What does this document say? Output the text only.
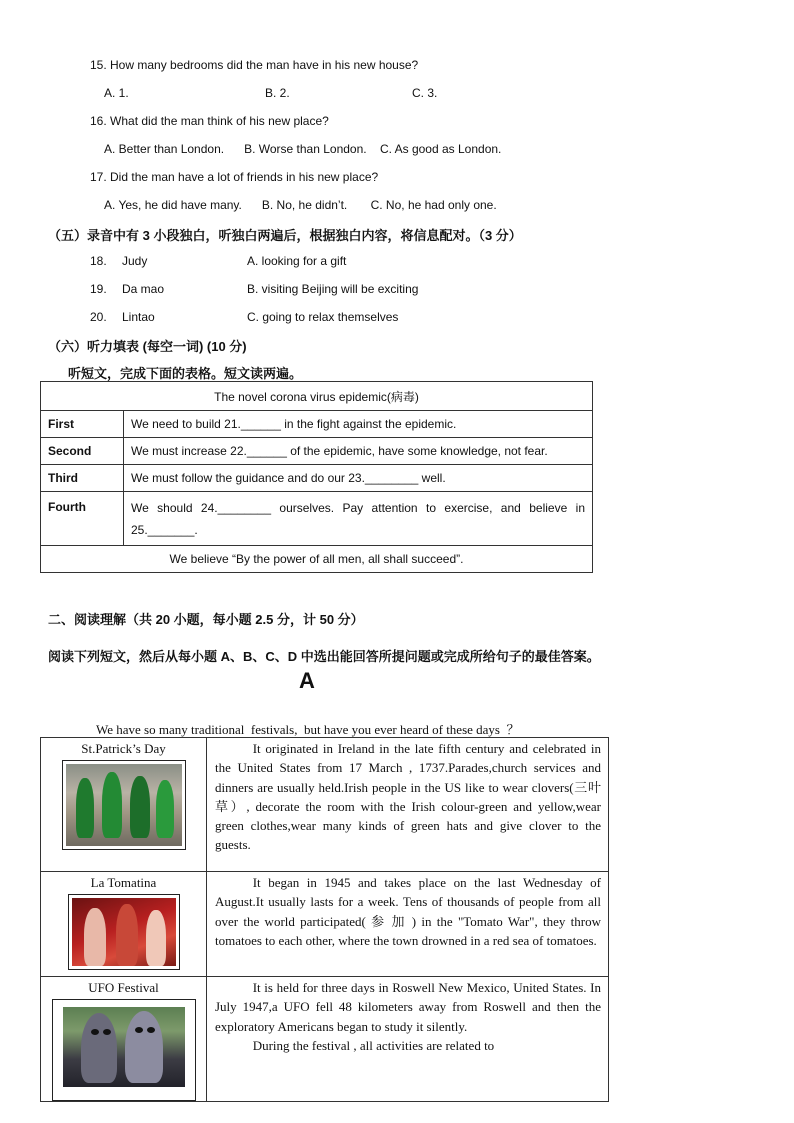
15. How many bedrooms did the man have in his new house?
A. 1.	B. 2.	C. 3.
16. What did the man think of his new place?
A. Better than London.      B. Worse than London.    C. As good as London.
17. Did the man have a lot of friends in his new place?
A. Yes, he did have many.      B. No, he didn’t.       C. No, he had only one.
（五）录音中有 3 小段独白，听独白两遍后，根据独白内容，将信息配对。（3 分）
18. Judy	A. looking for a gift
19. Da mao	B. visiting Beijing will be exciting
20. Lintao	C. going to relax themselves
（六）听力填表 (每空一词) (10 分)
听短文，完成下面的表格。短文读两遍。
The novel corona virus epidemic(病毒)	
First	We need to build 21.______ in the fight against the epidemic.
Second	We must increase 22.______ of the epidemic, have some knowledge, not fear.
Third	We must follow the guidance and do our 23.________ well.
Fourth	We should 24.________ ourselves. Pay attention to exercise, and believe in 25._______.
We believe “By the power of all men, all shall succeed”.	
二、阅读理解（共 20 小题，每小题 2.5 分，计 50 分）
阅读下列短文，然后从每小题 A、B、C、D 中选出能回答所提问题或完成所给句子的最佳答案。
A
We have so many traditional  festivals,  but have you ever heard of these days  ？
St.Patrick’s Day	It originated in Ireland in the late fifth century and celebrated in the United States from 17 March , 1737.Parades,church services and dinners are usually held.Irish people in the US like to wear clovers(三叶草）, decorate the room with the Irish colour-green and yellow,wear green clothes,wear many kinds of green hats and give clover to the guests.

La Tomatina	It began in 1945 and takes place on the last Wednesday of August.It usually lasts for a week. Tens of thousands of people from all over the world participated( 参 加 ) in the "Tomato War", they throw tomatoes to each other, where the town drowned in a red sea of tomatoes.

UFO Festival	It is held for three days in Roswell New Mexico, United States. In July 1947,a UFO fell 48 kilometers away from Roswell and then the exploratory Americans began to study it silently.
During the festival , all activities are related to
